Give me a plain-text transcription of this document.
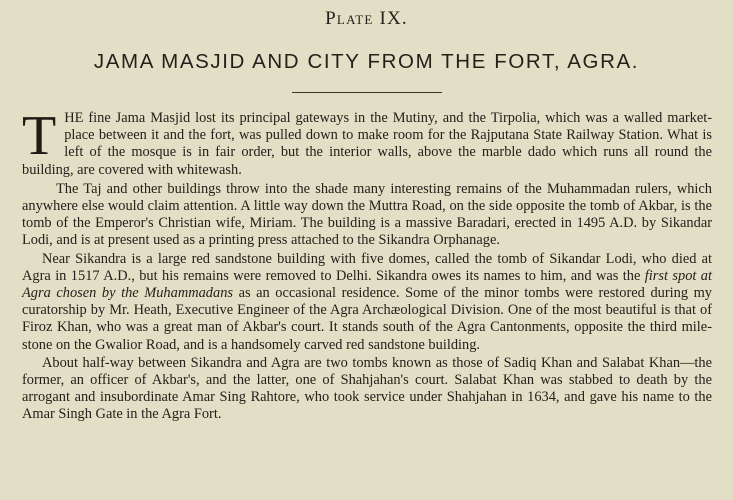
Plate IX.
JAMA MASJID AND CITY FROM THE FORT, AGRA.

THE fine Jama Masjid lost its principal gateways in the Mutiny, and the Tirpolia, which was a walled market-place between it and the fort, was pulled down to make room for the Rajputana State Railway Station. What is left of the mosque is in fair order, but the interior walls, above the marble dado which runs all round the building, are covered with whitewash.

The Taj and other buildings throw into the shade many interesting remains of the Muhammadan rulers, which anywhere else would claim attention. A little way down the Muttra Road, on the side opposite the tomb of Akbar, is the tomb of the Emperor's Christian wife, Miriam. The building is a massive Baradari, erected in 1495 A.D. by Sikandar Lodi, and is at present used as a printing press attached to the Sikandra Orphanage.

Near Sikandra is a large red sandstone building with five domes, called the tomb of Sikandar Lodi, who died at Agra in 1517 A.D., but his remains were removed to Delhi. Sikandra owes its names to him, and was the first spot at Agra chosen by the Muhammadans as an occasional residence. Some of the minor tombs were restored during my curatorship by Mr. Heath, Executive Engineer of the Agra Archæological Division. One of the most beautiful is that of Firoz Khan, who was a great man of Akbar's court. It stands south of the Agra Cantonments, opposite the third mile-stone on the Gwalior Road, and is a handsomely carved red sandstone building.

About half-way between Sikandra and Agra are two tombs known as those of Sadiq Khan and Salabat Khan—the former, an officer of Akbar's, and the latter, one of Shahjahan's court. Salabat Khan was stabbed to death by the arrogant and insubordinate Amar Sing Rahtore, who took service under Shahjahan in 1634, and gave his name to the Amar Singh Gate in the Agra Fort.
